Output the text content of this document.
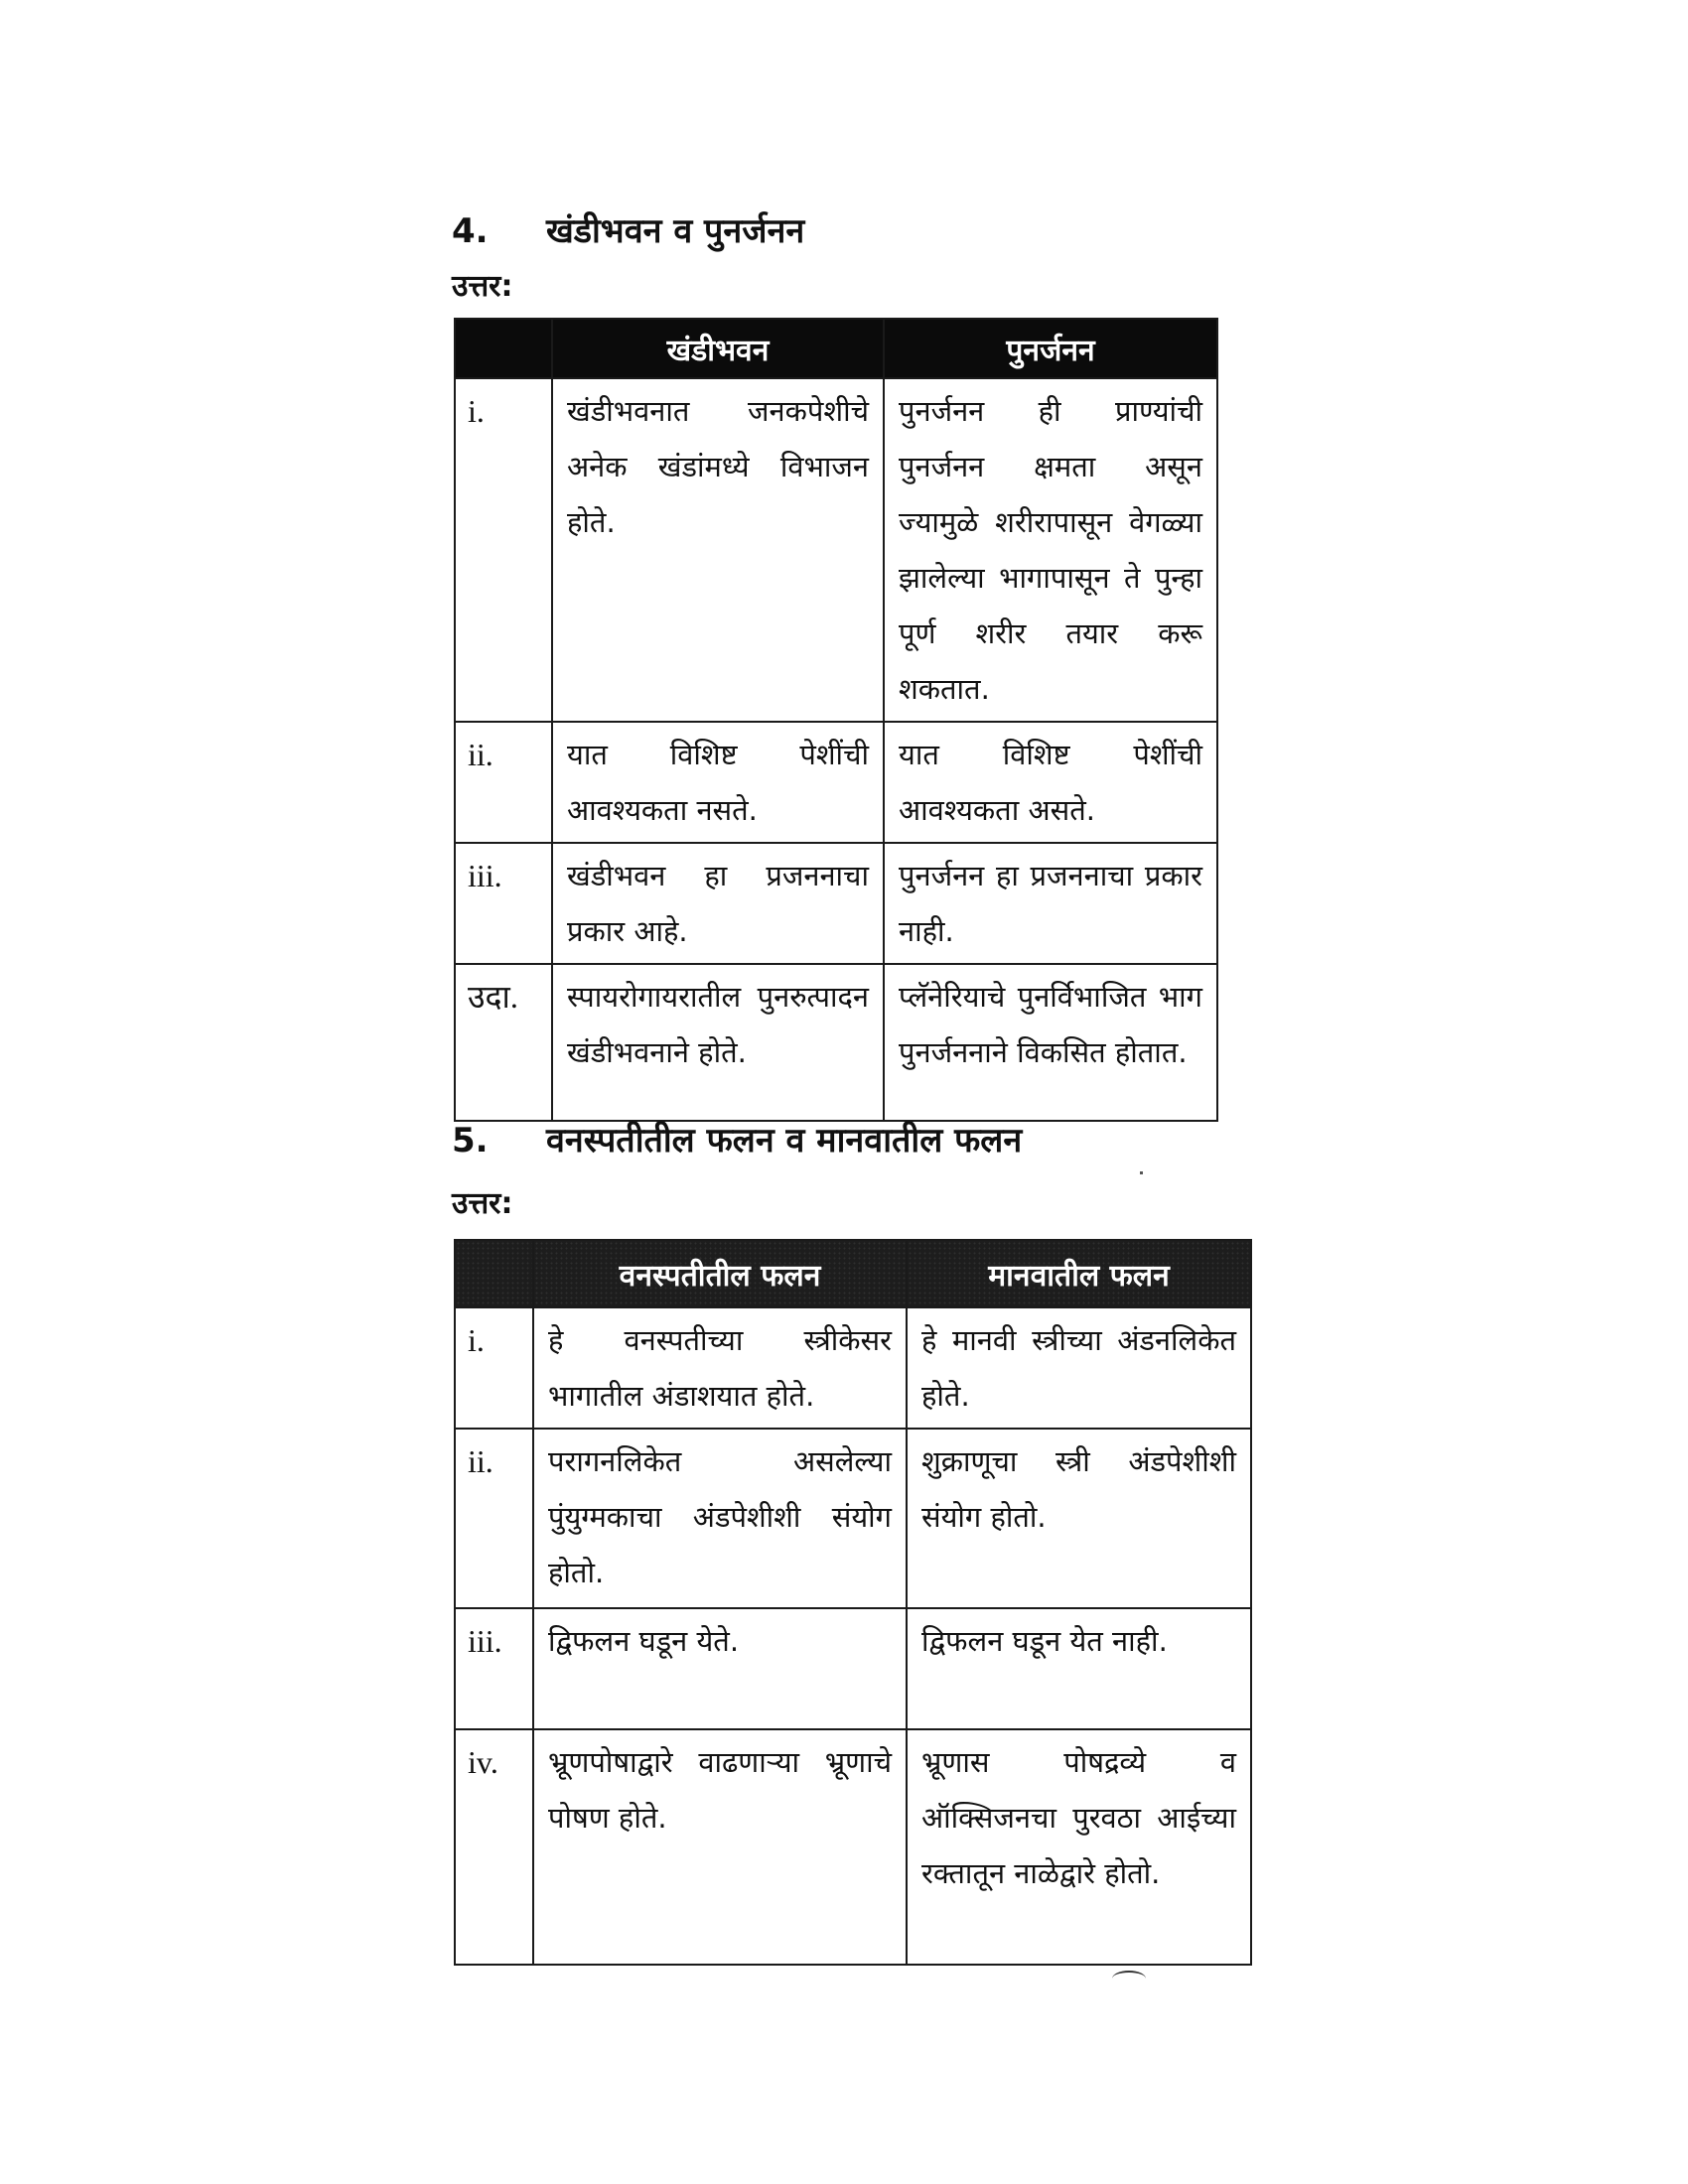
4. खंडीभवन व पुनर्जनन
उत्तर:
	खंडीभवन	पुनर्जनन
i.	खंडीभवनात जनकपेशीचे अनेक खंडांमध्ये विभाजन होते.	पुनर्जनन ही प्राण्यांची पुनर्जनन क्षमता असून ज्यामुळे शरीरापासून वेगळ्या झालेल्या भागापासून ते पुन्हा पूर्ण शरीर तयार करू शकतात.
ii.	यात विशिष्ट पेशींची आवश्यकता नसते.	यात विशिष्ट पेशींची आवश्यकता असते.
iii.	खंडीभवन हा प्रजननाचा प्रकार आहे.	पुनर्जनन हा प्रजननाचा प्रकार नाही.
उदा.	स्पायरोगायरातील पुनरुत्पादन खंडीभवनाने होते.	प्लॅनेरियाचे पुनर्विभाजित भाग पुनर्जननाने विकसित होतात.
5. वनस्पतीतील फलन व मानवातील फलन
उत्तर:
	वनस्पतीतील फलन	मानवातील फलन
i.	हे वनस्पतीच्या स्त्रीकेसर भागातील अंडाशयात होते.	हे मानवी स्त्रीच्या अंडनलिकेत होते.
ii.	परागनलिकेत असलेल्या पुंयुग्मकाचा अंडपेशीशी संयोग होतो.	शुक्राणूचा स्त्री अंडपेशीशी संयोग होतो.
iii.	द्विफलन घडून येते.	द्विफलन घडून येत नाही.
iv.	भ्रूणपोषाद्वारे वाढणाऱ्या भ्रूणाचे पोषण होते.	भ्रूणास पोषद्रव्ये व ऑक्सिजनचा पुरवठा आईच्या रक्तातून नाळेद्वारे होतो.
